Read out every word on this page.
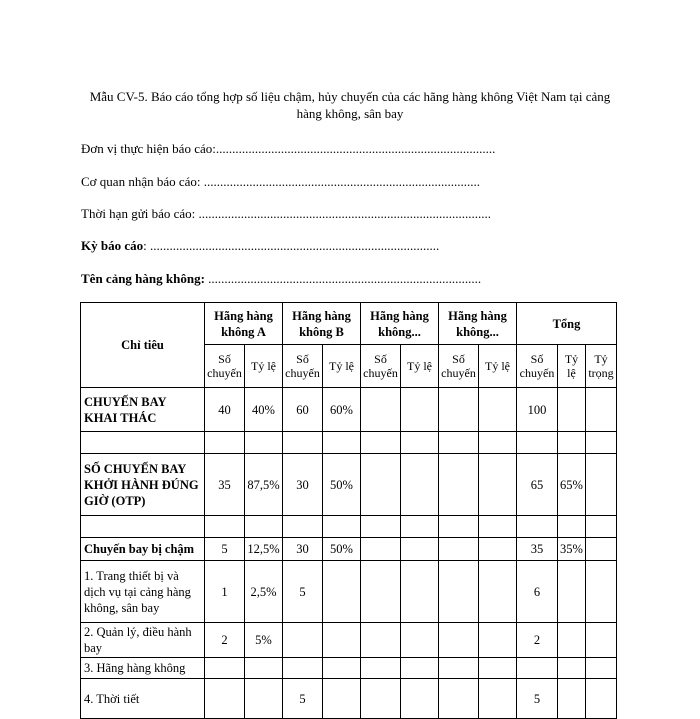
Mẫu CV-5. Báo cáo tổng hợp số liệu chậm, hủy chuyến của các hãng hàng không Việt Nam tại cảng hàng không, sân bay
Đơn vị thực hiện báo cáo:......................................................................................
Cơ quan nhận báo cáo: .....................................................................................
Thời hạn gửi báo cáo: ..........................................................................................
Kỳ báo cáo: .........................................................................................
Tên cảng hàng không: ....................................................................................
Chỉ tiêu	Hãng hàng không A		Hãng hàng không B		Hãng hàng không...		Hãng hàng không...		Tổng		
	Số chuyến	Tỷ lệ	Số chuyến	Tỷ lệ	Số chuyến	Tỷ lệ	Số chuyến	Tỷ lệ	Số chuyến	Tỷ lệ	Tỷ trọng
CHUYẾN BAY KHAI THÁC	40	40%	60	60%					100		

SỐ CHUYẾN BAY KHỞI HÀNH ĐÚNG GIỜ (OTP)	35	87,5%	30	50%					65	65%	

Chuyến bay bị chậm	5	12,5%	30	50%					35	35%	
1. Trang thiết bị và dịch vụ tại cảng hàng không, sân bay	1	2,5%	5						6		
2. Quản lý, điều hành bay	2	5%							2		
3. Hãng hàng không											
4. Thời tiết			5						5		
